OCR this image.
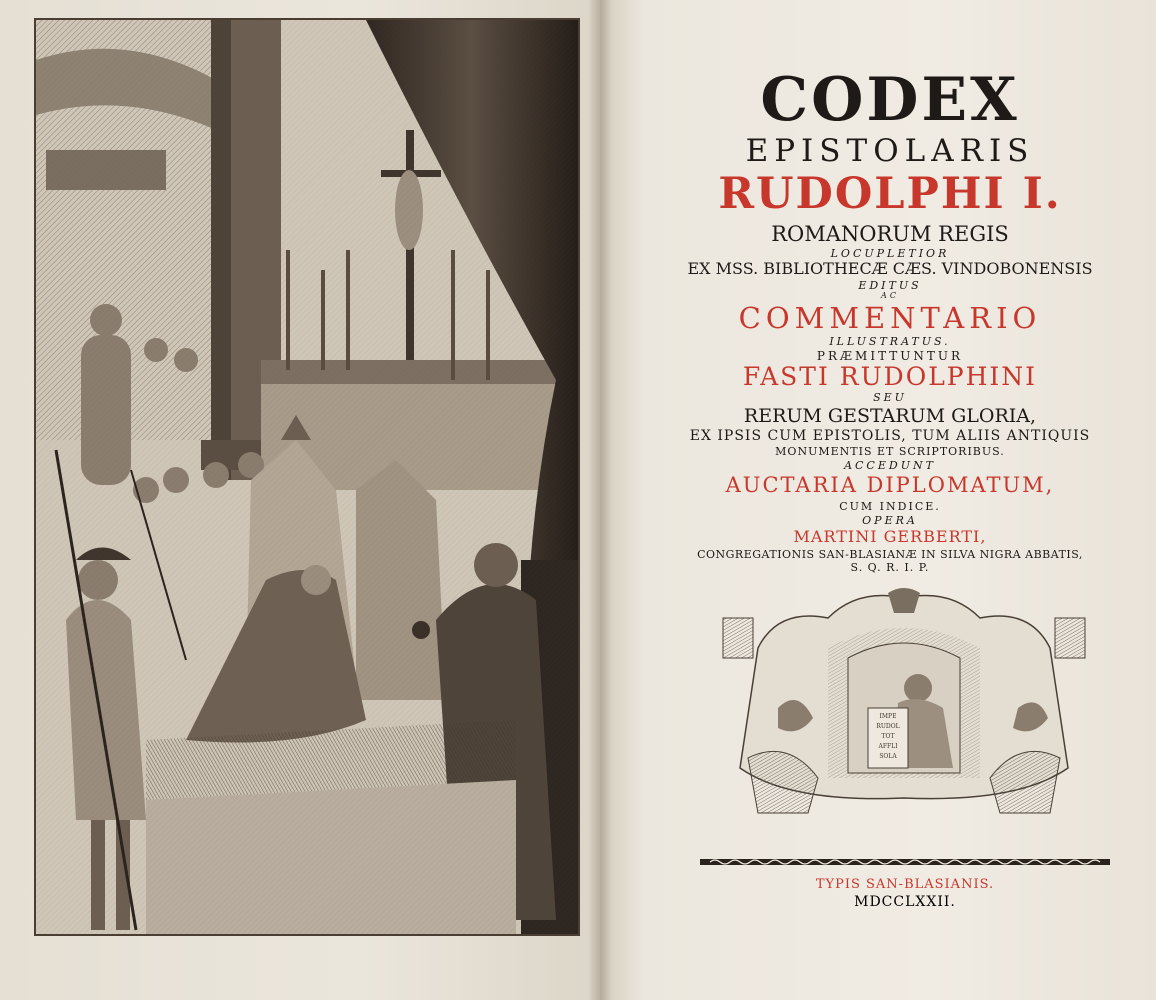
CODEX
EPISTOLARIS
RUDOLPHI I.
ROMANORUM REGIS
LOCUPLETIOR
EX MSS. BIBLIOTHECÆ CÆS. VINDOBONENSIS
EDITUS
AC
COMMENTARIO
ILLUSTRATUS.
PRÆMITTUNTUR
FASTI RUDOLPHINI
SEU
RERUM GESTARUM GLORIA,
EX IPSIS CUM EPISTOLIS, TUM ALIIS ANTIQUIS
MONUMENTIS ET SCRIPTORIBUS.
ACCEDUNT
AUCTARIA DIPLOMATUM,
CUM INDICE.
OPERA
MARTINI GERBERTI,
CONGREGATIONIS SAN-BLASIANÆ IN SILVA NIGRA ABBATIS,
S. Q. R. I. P.
IMPE RUDOL TOT AFFLI SOLA
TYPIS SAN-BLASIANIS.
MDCCLXXII.
